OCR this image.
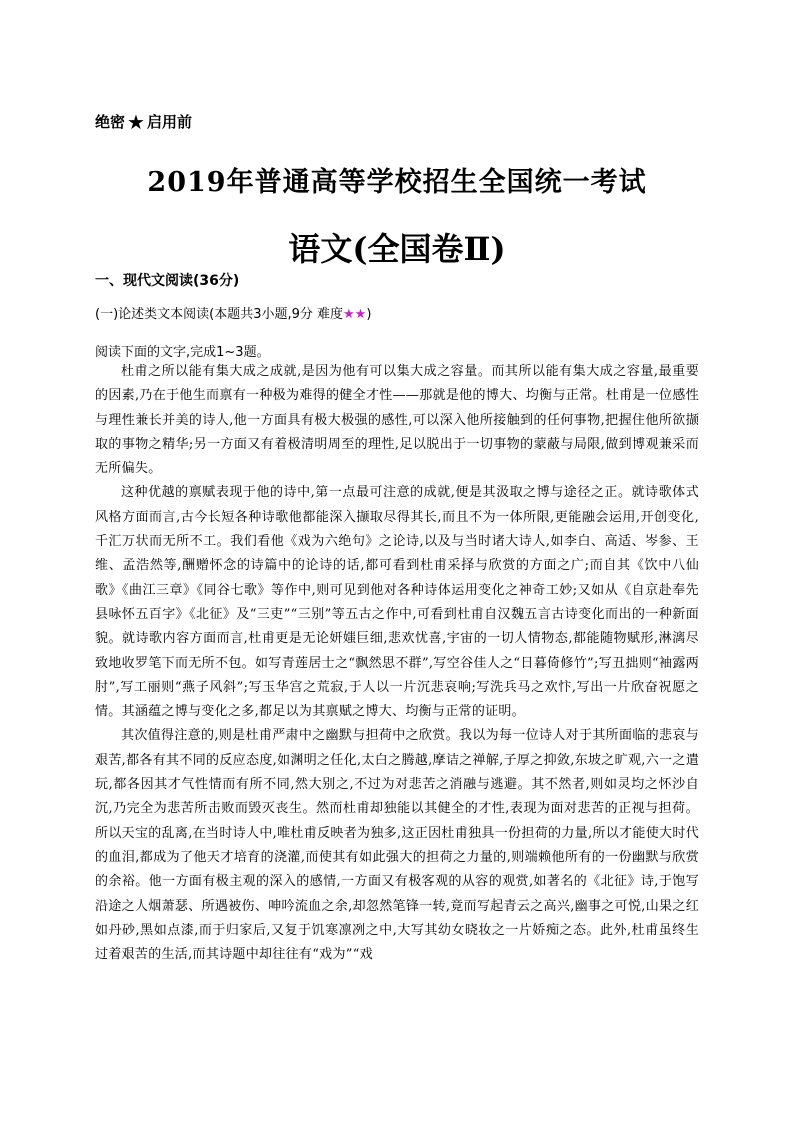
绝密 ★ 启用前
2019年普通高等学校招生全国统一考试
语文(全国卷Ⅱ)
一、现代文阅读(36分)
(一)论述类文本阅读(本题共3小题,9分 难度★★)
阅读下面的文字,完成1~3题。

杜甫之所以能有集大成之成就,是因为他有可以集大成之容量。而其所以能有集大成之容量,最重要的因素,乃在于他生而禀有一种极为难得的健全才性——那就是他的博大、均衡与正常。杜甫是一位感性与理性兼长并美的诗人,他一方面具有极大极强的感性,可以深入他所接触到的任何事物,把握住他所欲撷取的事物之精华;另一方面又有着极清明周至的理性,足以脱出于一切事物的蒙蔽与局限,做到博观兼采而无所偏失。

这种优越的禀赋表现于他的诗中,第一点最可注意的成就,便是其汲取之博与途径之正。就诗歌体式风格方面而言,古今长短各种诗歌他都能深入撷取尽得其长,而且不为一体所限,更能融会运用,开创变化,千汇万状而无所不工。我们看他《戏为六绝句》之论诗,以及与当时诸大诗人,如李白、高适、岑参、王维、孟浩然等,酬赠怀念的诗篇中的论诗的话,都可看到杜甫采择与欣赏的方面之广;而自其《饮中八仙歌》《曲江三章》《同谷七歌》等作中,则可见到他对各种诗体运用变化之神奇工妙;又如从《自京赴奉先县咏怀五百字》《北征》及“三吏”“三别”等五古之作中,可看到杜甫自汉魏五言古诗变化而出的一种新面貌。就诗歌内容方面而言,杜甫更是无论妍媸巨细,悲欢忧喜,宇宙的一切人情物态,都能随物赋形,淋漓尽致地收罗笔下而无所不包。如写青莲居士之“飘然思不群”,写空谷佳人之“日暮倚修竹”;写丑拙则“袖露两肘”,写工丽则“燕子风斜”;写玉华宫之荒寂,于人以一片沉悲哀响;写洗兵马之欢忭,写出一片欣奋祝愿之情。其涵蕴之博与变化之多,都足以为其禀赋之博大、均衡与正常的证明。

其次值得注意的,则是杜甫严肃中之幽默与担荷中之欣赏。我以为每一位诗人对于其所面临的悲哀与艰苦,都各有其不同的反应态度,如渊明之任化,太白之腾越,摩诘之禅解,子厚之抑敛,东坡之旷观,六一之遣玩,都各因其才气性情而有所不同,然大别之,不过为对悲苦之消融与逃避。其不然者,则如灵均之怀沙自沉,乃完全为悲苦所击败而毁灭丧生。然而杜甫却独能以其健全的才性,表现为面对悲苦的正视与担荷。所以天宝的乱离,在当时诗人中,唯杜甫反映者为独多,这正因杜甫独具一份担荷的力量,所以才能使大时代的血泪,都成为了他天才培育的浇灌,而使其有如此强大的担荷之力量的,则端赖他所有的一份幽默与欣赏的余裕。他一方面有极主观的深入的感情,一方面又有极客观的从容的观赏,如著名的《北征》诗,于饱写沿途之人烟萧瑟、所遇被伤、呻吟流血之余,却忽然笔锋一转,竟而写起青云之高兴,幽事之可悦,山果之红如丹砂,黑如点漆,而于归家后,又复于饥寒凛冽之中,大写其幼女晓妆之一片娇痴之态。此外,杜甫虽终生过着艰苦的生活,而其诗题中却往往有“戏为”“戏
